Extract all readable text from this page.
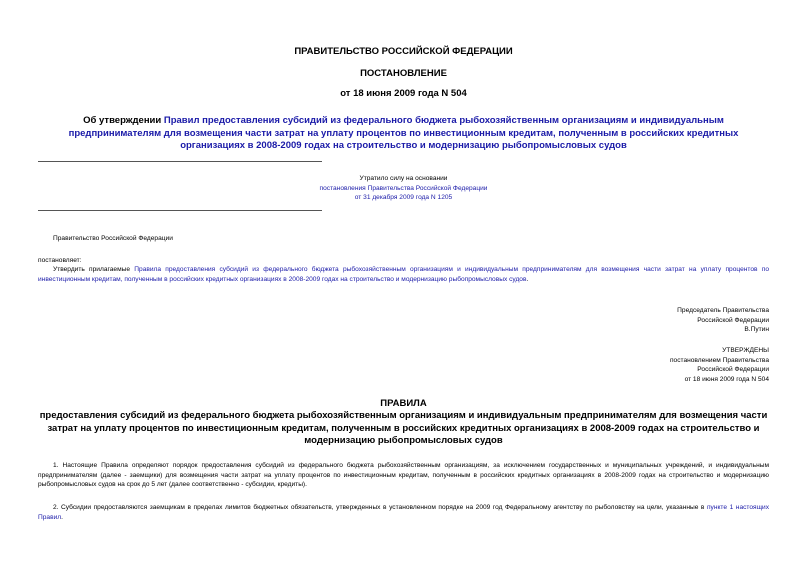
ПРАВИТЕЛЬСТВО РОССИЙСКОЙ ФЕДЕРАЦИИ
ПОСТАНОВЛЕНИЕ
от 18 июня 2009 года N 504
Об утверждении Правил предоставления субсидий из федерального бюджета рыбохозяйственным организациям и индивидуальным предпринимателям для возмещения части затрат на уплату процентов по инвестиционным кредитам, полученным в российских кредитных организациях в 2008-2009 годах на строительство и модернизацию рыбопромысловых судов
Утратило силу на основании
постановления Правительства Российской Федерации
от 31 декабря 2009 года N 1205
Правительство Российской Федерации
постановляет:
Утвердить прилагаемые Правила предоставления субсидий из федерального бюджета рыбохозяйственным организациям и индивидуальным предпринимателям для возмещения части затрат на уплату процентов по инвестиционным кредитам, полученным в российских кредитных организациях в 2008-2009 годах на строительство и модернизацию рыбопромысловых судов.
Председатель Правительства
Российской Федерации
В.Путин
УТВЕРЖДЕНЫ
постановлением Правительства
Российской Федерации
от 18 июня 2009 года N 504
ПРАВИЛА
предоставления субсидий из федерального бюджета рыбохозяйственным организациям и индивидуальным предпринимателям для возмещения части затрат на уплату процентов по инвестиционным кредитам, полученным в российских кредитных организациях в 2008-2009 годах на строительство и модернизацию рыбопромысловых судов
1. Настоящие Правила определяют порядок предоставления субсидий из федерального бюджета рыбохозяйственным организациям, за исключением государственных и муниципальных учреждений, и индивидуальным предпринимателям (далее - заемщики) для возмещения части затрат на уплату процентов по инвестиционным кредитам, полученным в российских кредитных организациях в 2008-2009 годах на строительство и модернизацию рыбопромысловых судов на срок до 5 лет (далее соответственно - субсидии, кредиты).
2. Субсидии предоставляются заемщикам в пределах лимитов бюджетных обязательств, утвержденных в установленном порядке на 2009 год Федеральному агентству по рыболовству на цели, указанные в пункте 1 настоящих Правил.
